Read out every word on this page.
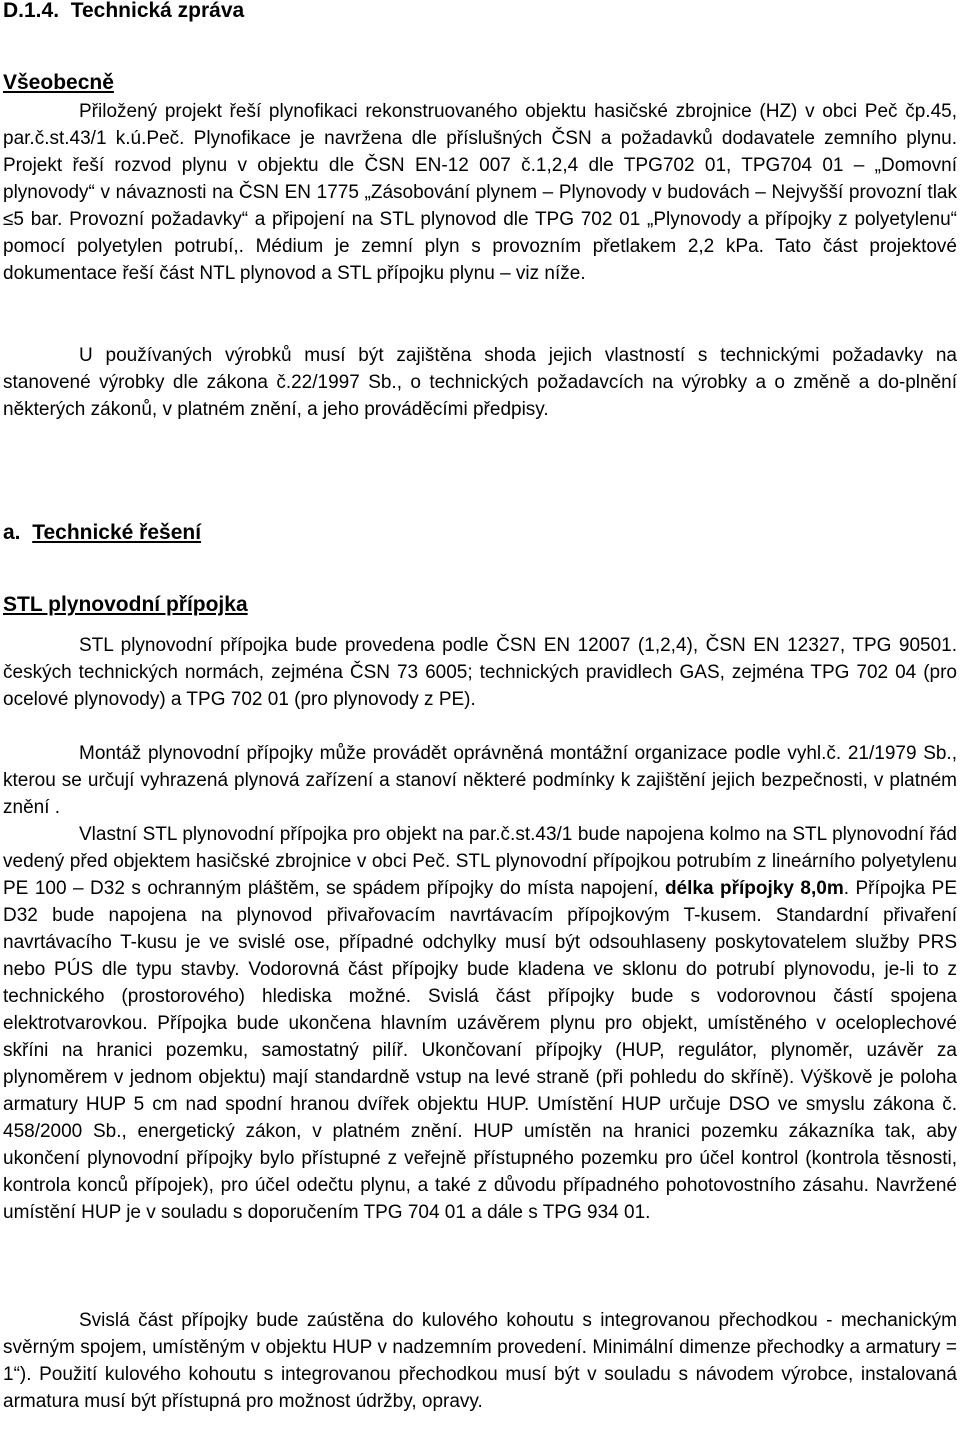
D.1.4.  Technická zpráva
Všeobecně

Přiložený projekt řeší plynofikaci rekonstruovaného objektu hasičské zbrojnice (HZ) v obci Peč čp.45, par.č.st.43/1 k.ú.Peč. Plynofikace je navržena dle příslušných ČSN a požadavků dodavatele zemního plynu. Projekt řeší rozvod plynu v objektu dle ČSN EN-12 007 č.1,2,4 dle TPG702 01, TPG704 01 – „Domovní plynovody“ v návaznosti na ČSN EN 1775 „Zásobování plynem – Plynovody v budovách – Nejvyšší provozní tlak ≤5 bar. Provozní požadavky“ a připojení na STL plynovod dle TPG 702 01 „Plynovody a přípojky z polyetylenu“ pomocí polyetylen potrubí,. Médium je zemní plyn s provozním přetlakem 2,2 kPa. Tato část projektové dokumentace řeší část NTL plynovod a STL přípojku plynu – viz níže.

U používaných výrobků musí být zajištěna shoda jejich vlastností s technickými požadavky na stanovené výrobky dle zákona č.22/1997 Sb., o technických požadavcích na výrobky a o změně a do-plnění některých zákonů, v platném znění, a jeho prováděcími předpisy.

a. Technické řešení
STL plynovodní přípojka

STL plynovodní přípojka bude provedena podle ČSN EN 12007 (1,2,4), ČSN EN 12327, TPG 90501. českých technických normách, zejména ČSN 73 6005; technických pravidlech GAS, zejména TPG 702 04 (pro ocelové plynovody) a TPG 702 01 (pro plynovody z PE).

Montáž plynovodní přípojky může provádět oprávněná montážní organizace podle vyhl.č. 21/1979 Sb., kterou se určují vyhrazená plynová zařízení a stanoví některé podmínky k zajištění jejich bezpečnosti, v platném znění .

Vlastní STL plynovodní přípojka pro objekt na par.č.st.43/1 bude napojena kolmo na STL plynovodní řád vedený před objektem hasičské zbrojnice v obci Peč. STL plynovodní přípojkou potrubím z lineárního polyetylenu PE 100 – D32 s ochranným pláštěm, se spádem přípojky do místa napojení, délka přípojky 8,0m. Přípojka PE D32 bude napojena na plynovod přivařovacím navrtávacím přípojkovým T-kusem. Standardní přivaření navrtávacího T-kusu je ve svislé ose, případné odchylky musí být odsouhlaseny poskytovatelem služby PRS nebo PÚS dle typu stavby. Vodorovná část přípojky bude kladena ve sklonu do potrubí plynovodu, je-li to z technického (prostorového) hlediska možné. Svislá část přípojky bude s vodorovnou částí spojena elektrotvarovkou. Přípojka bude ukončena hlavním uzávěrem plynu pro objekt, umístěného v oceloplechové skříni na hranici pozemku, samostatný pilíř. Ukončovaní přípojky (HUP, regulátor, plynoměr, uzávěr za plynoměrem v jednom objektu) mají standardně vstup na levé straně (při pohledu do skříně). Výškově je poloha armatury HUP 5 cm nad spodní hranou dvířek objektu HUP. Umístění HUP určuje DSO ve smyslu zákona č. 458/2000 Sb., energetický zákon, v platném znění. HUP umístěn na hranici pozemku zákazníka tak, aby ukončení plynovodní přípojky bylo přístupné z veřejně přístupného pozemku pro účel kontrol (kontrola těsnosti, kontrola konců přípojek), pro účel odečtu plynu, a také z důvodu případného pohotovostního zásahu. Navržené umístění HUP je v souladu s doporučením TPG 704 01 a dále s TPG 934 01.

Svislá část přípojky bude zaústěna do kulového kohoutu s integrovanou přechodkou - mechanickým svěrným spojem, umístěným v objektu HUP v nadzemním provedení. Minimální dimenze přechodky a armatury = 1“). Použití kulového kohoutu s integrovanou přechodkou musí být v souladu s návodem výrobce, instalovaná armatura musí být přístupná pro možnost údržby, opravy.
